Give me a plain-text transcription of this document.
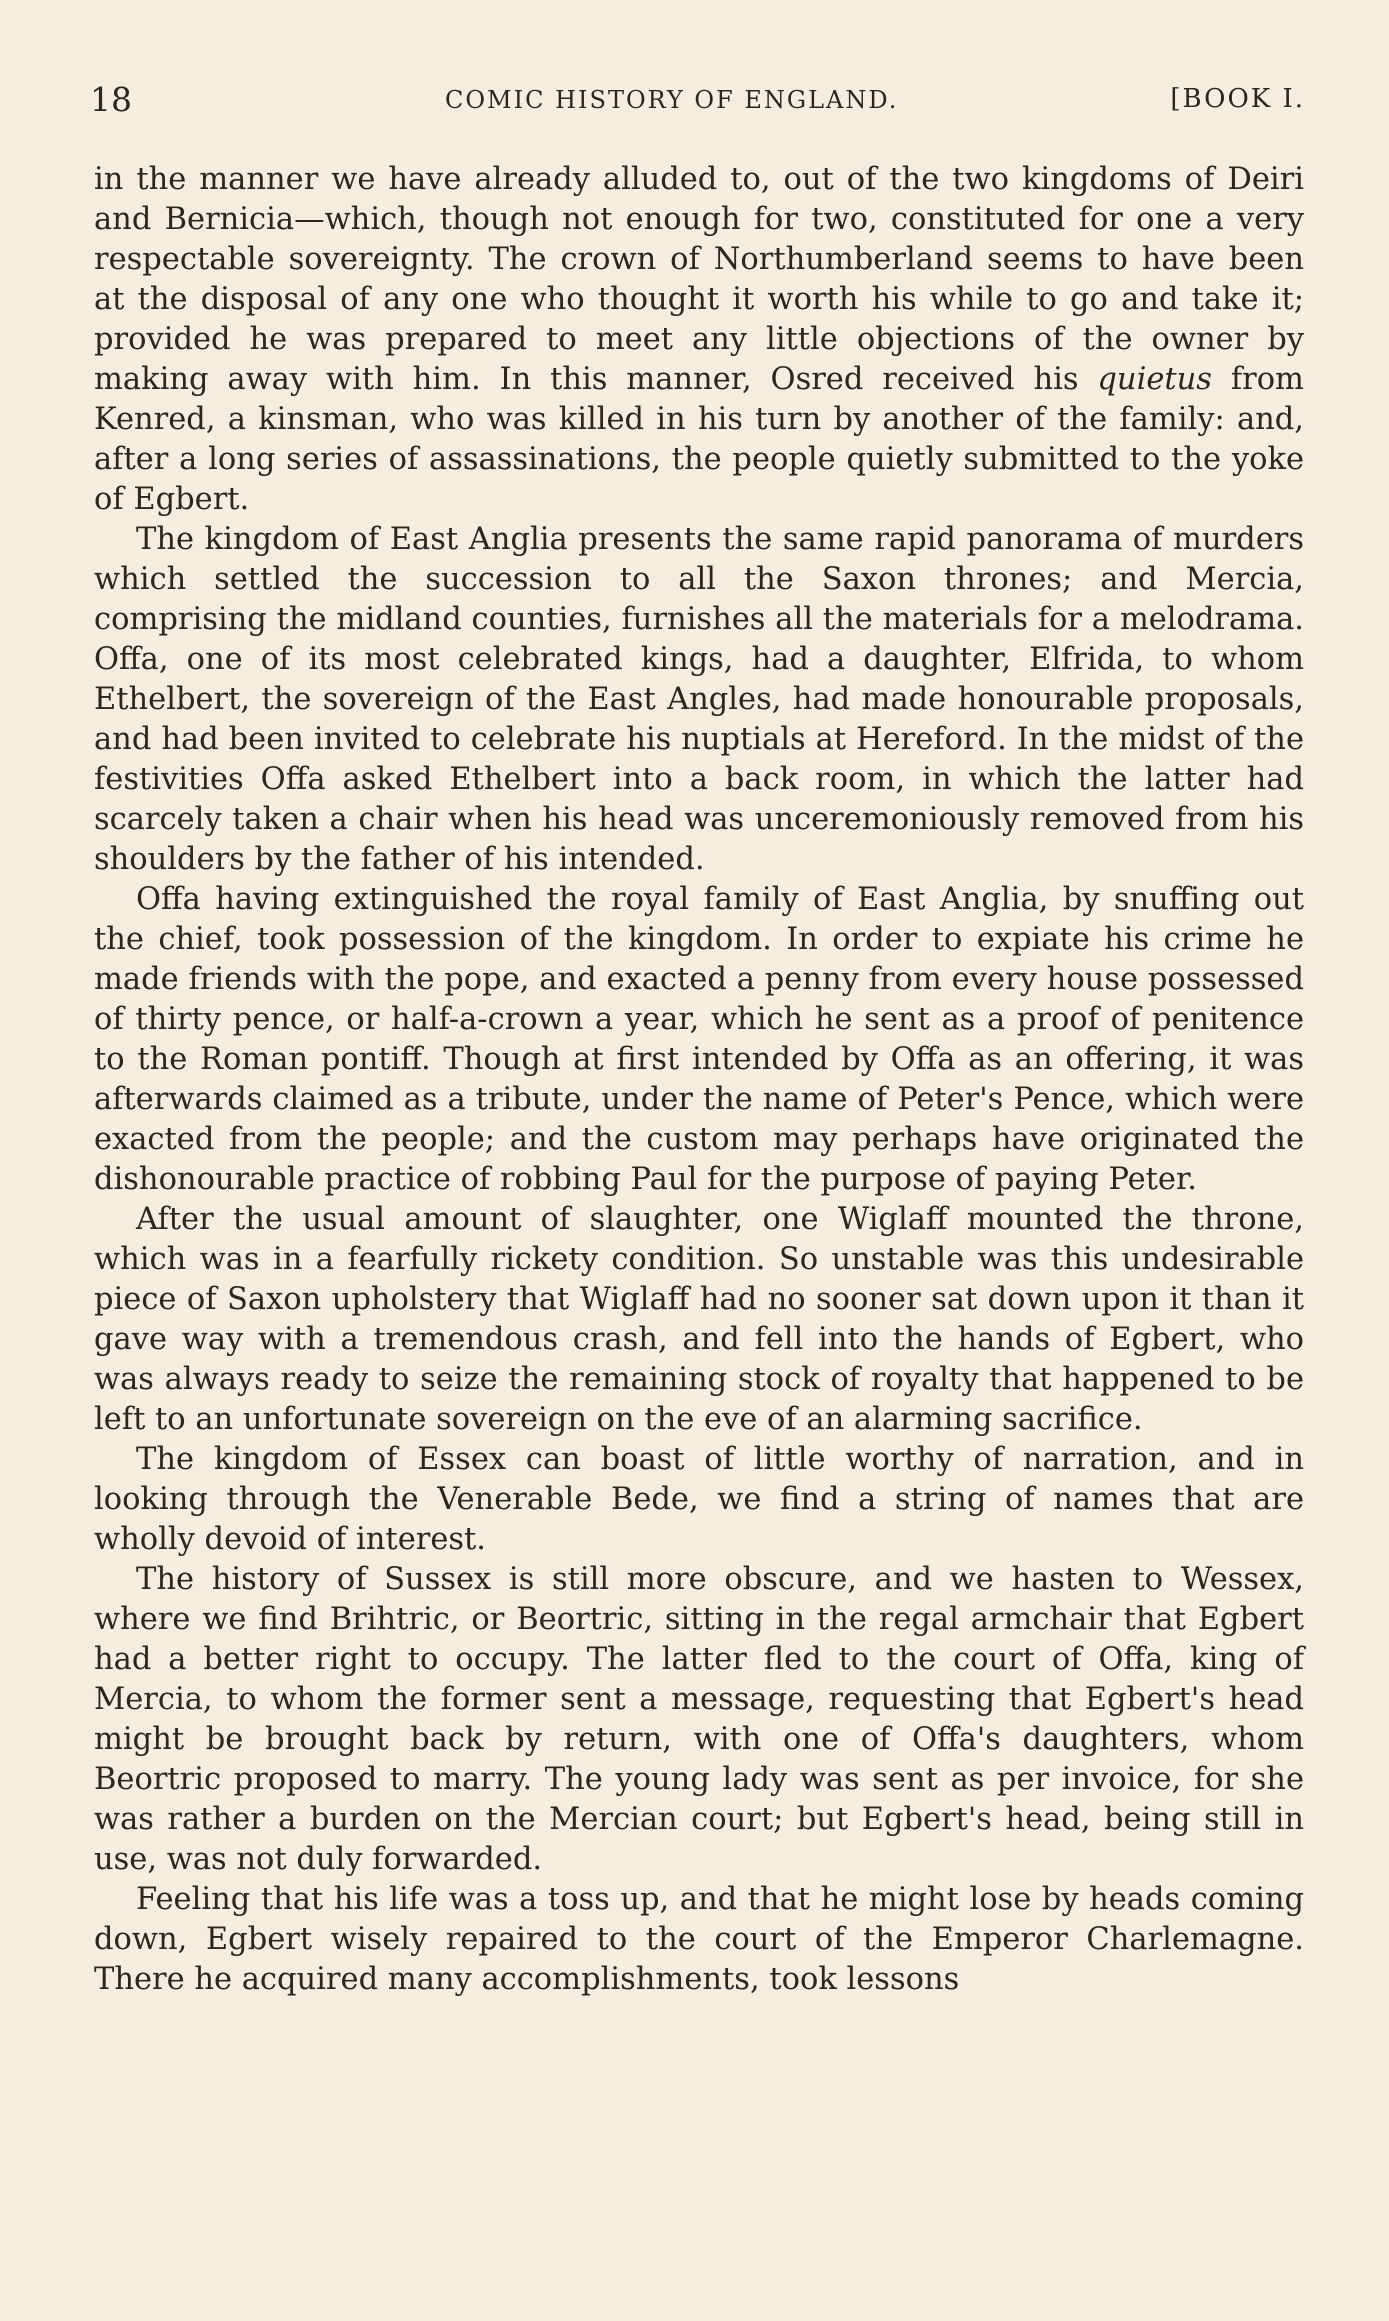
18	COMIC HISTORY OF ENGLAND.	[BOOK I.

in the manner we have already alluded to, out of the two kingdoms of Deiri and Bernicia—which, though not enough for two, constituted for one a very respectable sovereignty. The crown of Northumberland seems to have been at the disposal of any one who thought it worth his while to go and take it; provided he was prepared to meet any little objections of the owner by making away with him. In this manner, Osred received his quietus from Kenred, a kinsman, who was killed in his turn by another of the family: and, after a long series of assassinations, the people quietly submitted to the yoke of Egbert.

The kingdom of East Anglia presents the same rapid panorama of murders which settled the succession to all the Saxon thrones; and Mercia, comprising the midland counties, furnishes all the materials for a melodrama. Offa, one of its most celebrated kings, had a daughter, Elfrida, to whom Ethelbert, the sovereign of the East Angles, had made honourable proposals, and had been invited to celebrate his nuptials at Hereford. In the midst of the festivities Offa asked Ethelbert into a back room, in which the latter had scarcely taken a chair when his head was unceremoniously removed from his shoulders by the father of his intended.

Offa having extinguished the royal family of East Anglia, by snuffing out the chief, took possession of the kingdom. In order to expiate his crime he made friends with the pope, and exacted a penny from every house possessed of thirty pence, or half-a-crown a year, which he sent as a proof of penitence to the Roman pontiff. Though at first intended by Offa as an offering, it was afterwards claimed as a tribute, under the name of Peter's Pence, which were exacted from the people; and the custom may perhaps have originated the dishonourable practice of robbing Paul for the purpose of paying Peter.

After the usual amount of slaughter, one Wiglaff mounted the throne, which was in a fearfully rickety condition. So unstable was this undesirable piece of Saxon upholstery that Wiglaff had no sooner sat down upon it than it gave way with a tremendous crash, and fell into the hands of Egbert, who was always ready to seize the remaining stock of royalty that happened to be left to an unfortunate sovereign on the eve of an alarming sacrifice.

The kingdom of Essex can boast of little worthy of narration, and in looking through the Venerable Bede, we find a string of names that are wholly devoid of interest.

The history of Sussex is still more obscure, and we hasten to Wessex, where we find Brihtric, or Beortric, sitting in the regal armchair that Egbert had a better right to occupy. The latter fled to the court of Offa, king of Mercia, to whom the former sent a message, requesting that Egbert's head might be brought back by return, with one of Offa's daughters, whom Beortric proposed to marry. The young lady was sent as per invoice, for she was rather a burden on the Mercian court; but Egbert's head, being still in use, was not duly forwarded.

Feeling that his life was a toss up, and that he might lose by heads coming down, Egbert wisely repaired to the court of the Emperor Charlemagne. There he acquired many accomplishments, took lessons
